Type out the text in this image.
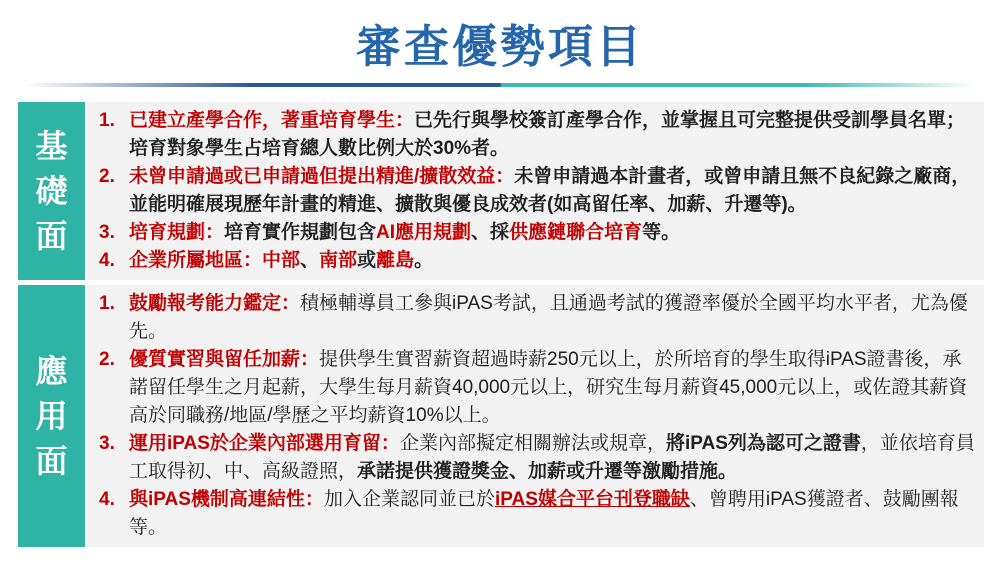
審查優勢項目
基
礎
面
1. 已建立產學合作，著重培育學生：已先行與學校簽訂產學合作，並掌握且可完整提供受訓學員名單；培育對象學生占培育總人數比例大於30%者。
2. 未曾申請過或已申請過但提出精進/擴散效益：未曾申請過本計畫者，或曾申請且無不良紀錄之廠商，並能明確展現歷年計畫的精進、擴散與優良成效者(如高留任率、加薪、升遷等)。
3. 培育規劃：培育實作規劃包含AI應用規劃、採供應鏈聯合培育等。
4. 企業所屬地區：中部、南部或離島。
應
用
面
1. 鼓勵報考能力鑑定：積極輔導員工參與iPAS考試，且通過考試的獲證率優於全國平均水平者，尤為優先。
2. 優質實習與留任加薪：提供學生實習薪資超過時薪250元以上，於所培育的學生取得iPAS證書後，承諾留任學生之月起薪，大學生每月薪資40,000元以上，研究生每月薪資45,000元以上，或佐證其薪資高於同職務/地區/學歷之平均薪資10%以上。
3. 運用iPAS於企業內部選用育留：企業內部擬定相關辦法或規章，將iPAS列為認可之證書，並依培育員工取得初、中、高級證照，承諾提供獲證獎金、加薪或升遷等激勵措施。
4. 與iPAS機制高連結性：加入企業認同並已於iPAS媒合平台刊登職缺、曾聘用iPAS獲證者、鼓勵團報等。
